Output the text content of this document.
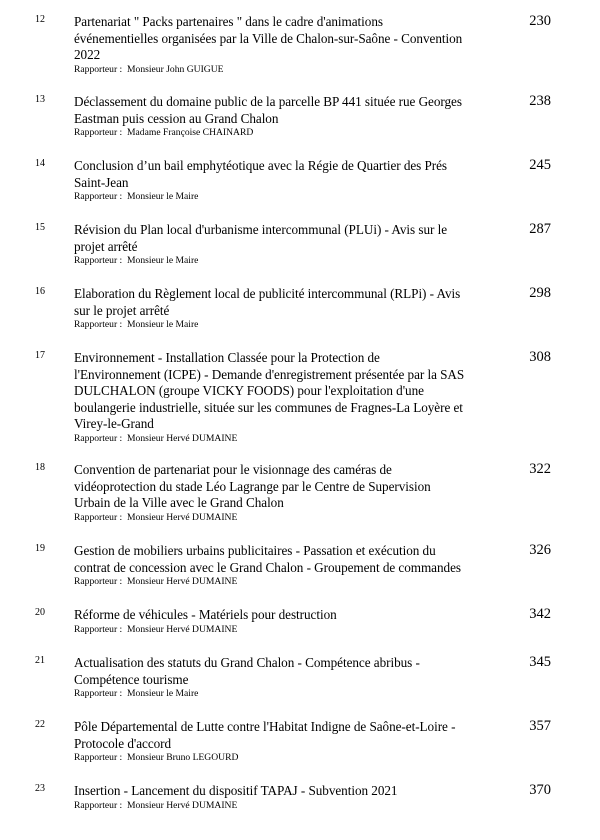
12 Partenariat " Packs partenaires " dans le cadre d'animations
événementielles organisées par la Ville de Chalon-sur-Saône - Convention
2022
Rapporteur :  Monsieur John GUIGUE
230
13 Déclassement du domaine public de la parcelle BP 441 située rue Georges
Eastman puis cession au Grand Chalon
Rapporteur :  Madame Françoise CHAINARD
238
14 Conclusion d’un bail emphytéotique avec la Régie de Quartier des Prés
Saint-Jean
Rapporteur :  Monsieur le Maire
245
15 Révision du Plan local d'urbanisme intercommunal (PLUi) - Avis sur le
projet arrêté
Rapporteur :  Monsieur le Maire
287
16 Elaboration du Règlement local de publicité intercommunal (RLPi) - Avis
sur le projet arrêté
Rapporteur :  Monsieur le Maire
298
17 Environnement - Installation Classée pour la Protection de
l'Environnement (ICPE) - Demande d'enregistrement présentée par la SAS
DULCHALON (groupe VICKY FOODS) pour l'exploitation d'une
boulangerie industrielle, située sur les communes de Fragnes-La Loyère et
Virey-le-Grand
Rapporteur :  Monsieur Hervé DUMAINE
308
18 Convention de partenariat pour le visionnage des caméras de
vidéoprotection du stade Léo Lagrange par le Centre de Supervision
Urbain de la Ville avec le Grand Chalon
Rapporteur :  Monsieur Hervé DUMAINE
322
19 Gestion de mobiliers urbains publicitaires - Passation et exécution du
contrat de concession avec le Grand Chalon - Groupement de commandes
Rapporteur :  Monsieur Hervé DUMAINE
326
20 Réforme de véhicules - Matériels pour destruction
Rapporteur :  Monsieur Hervé DUMAINE
342
21 Actualisation des statuts du Grand Chalon - Compétence abribus -
Compétence tourisme
Rapporteur :  Monsieur le Maire
345
22 Pôle Départemental de Lutte contre l'Habitat Indigne de Saône-et-Loire -
Protocole d'accord
Rapporteur :  Monsieur Bruno LEGOURD
357
23 Insertion - Lancement du dispositif TAPAJ - Subvention 2021
Rapporteur :  Monsieur Hervé DUMAINE
370
